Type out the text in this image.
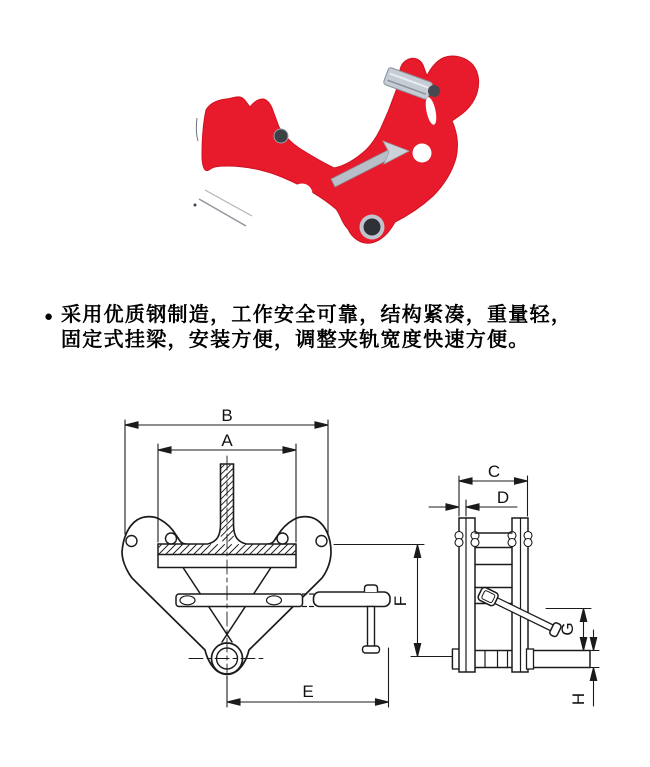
● 采用优质钢制造，工作安全可靠，结构紧凑，重量轻，
固定式挂梁，安装方便，调整夹轨宽度快速方便。
B
A
F
E
C
D
G
H
